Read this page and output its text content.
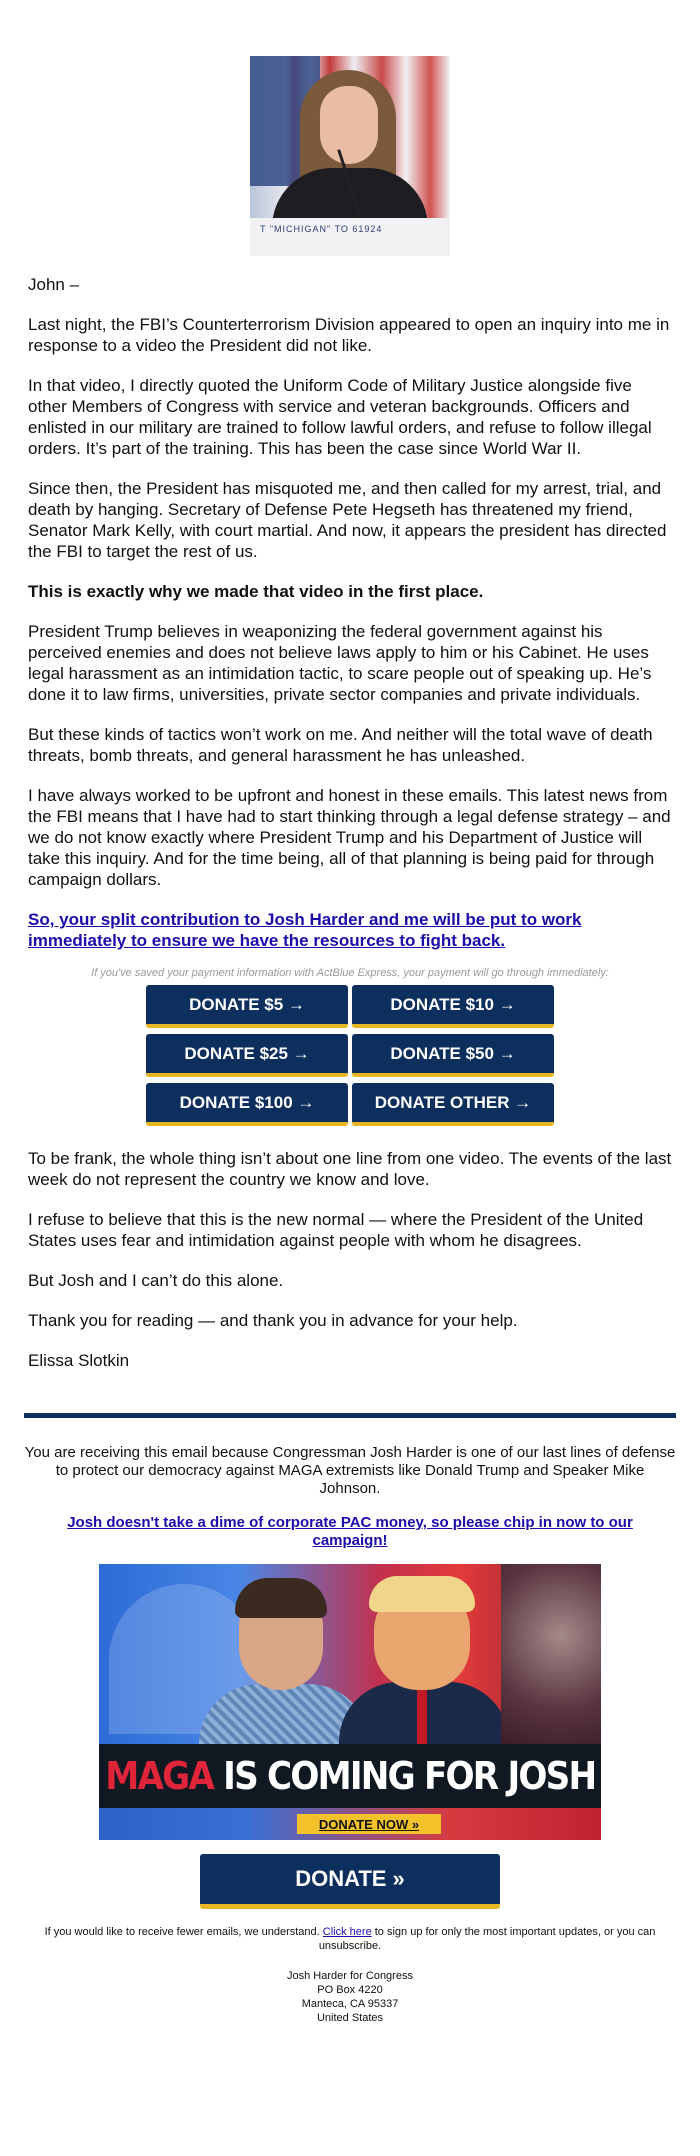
T "MICHIGAN" TO 61924

John –

Last night, the FBI’s Counterterrorism Division appeared to open an inquiry into me in response to a video the President did not like.

In that video, I directly quoted the Uniform Code of Military Justice alongside five other Members of Congress with service and veteran backgrounds. Officers and enlisted in our military are trained to follow lawful orders, and refuse to follow illegal orders. It’s part of the training. This has been the case since World War II.

Since then, the President has misquoted me, and then called for my arrest, trial, and death by hanging. Secretary of Defense Pete Hegseth has threatened my friend, Senator Mark Kelly, with court martial. And now, it appears the president has directed the FBI to target the rest of us.

This is exactly why we made that video in the first place.

President Trump believes in weaponizing the federal government against his perceived enemies and does not believe laws apply to him or his Cabinet. He uses legal harassment as an intimidation tactic, to scare people out of speaking up. He’s done it to law firms, universities, private sector companies and private individuals.

But these kinds of tactics won’t work on me. And neither will the total wave of death threats, bomb threats, and general harassment he has unleashed.

I have always worked to be upfront and honest in these emails. This latest news from the FBI means that I have had to start thinking through a legal defense strategy – and we do not know exactly where President Trump and his Department of Justice will take this inquiry. And for the time being, all of that planning is being paid for through campaign dollars.

So, your split contribution to Josh Harder and me will be put to work immediately to ensure we have the resources to fight back.
If you've saved your payment information with ActBlue Express, your payment will go through immediately:
DONATE $5 →	DONATE $10 →
DONATE $25 →	DONATE $50 →
DONATE $100 →	DONATE OTHER →

To be frank, the whole thing isn’t about one line from one video. The events of the last week do not represent the country we know and love.

I refuse to believe that this is the new normal — where the President of the United States uses fear and intimidation against people with whom he disagrees.

But Josh and I can’t do this alone.

Thank you for reading — and thank you in advance for your help.

Elissa Slotkin

You are receiving this email because Congressman Josh Harder is one of our last lines of defense to protect our democracy against MAGA extremists like Donald Trump and Speaker Mike Johnson.

Josh doesn't take a dime of corporate PAC money, so please chip in now to our campaign!
MAGA IS COMING FOR JOSH
DONATE NOW »
DONATE »

If you would like to receive fewer emails, we understand. Click here to sign up for only the most important updates, or you can unsubscribe.

Josh Harder for Congress
PO Box 4220
Manteca, CA 95337
United States
